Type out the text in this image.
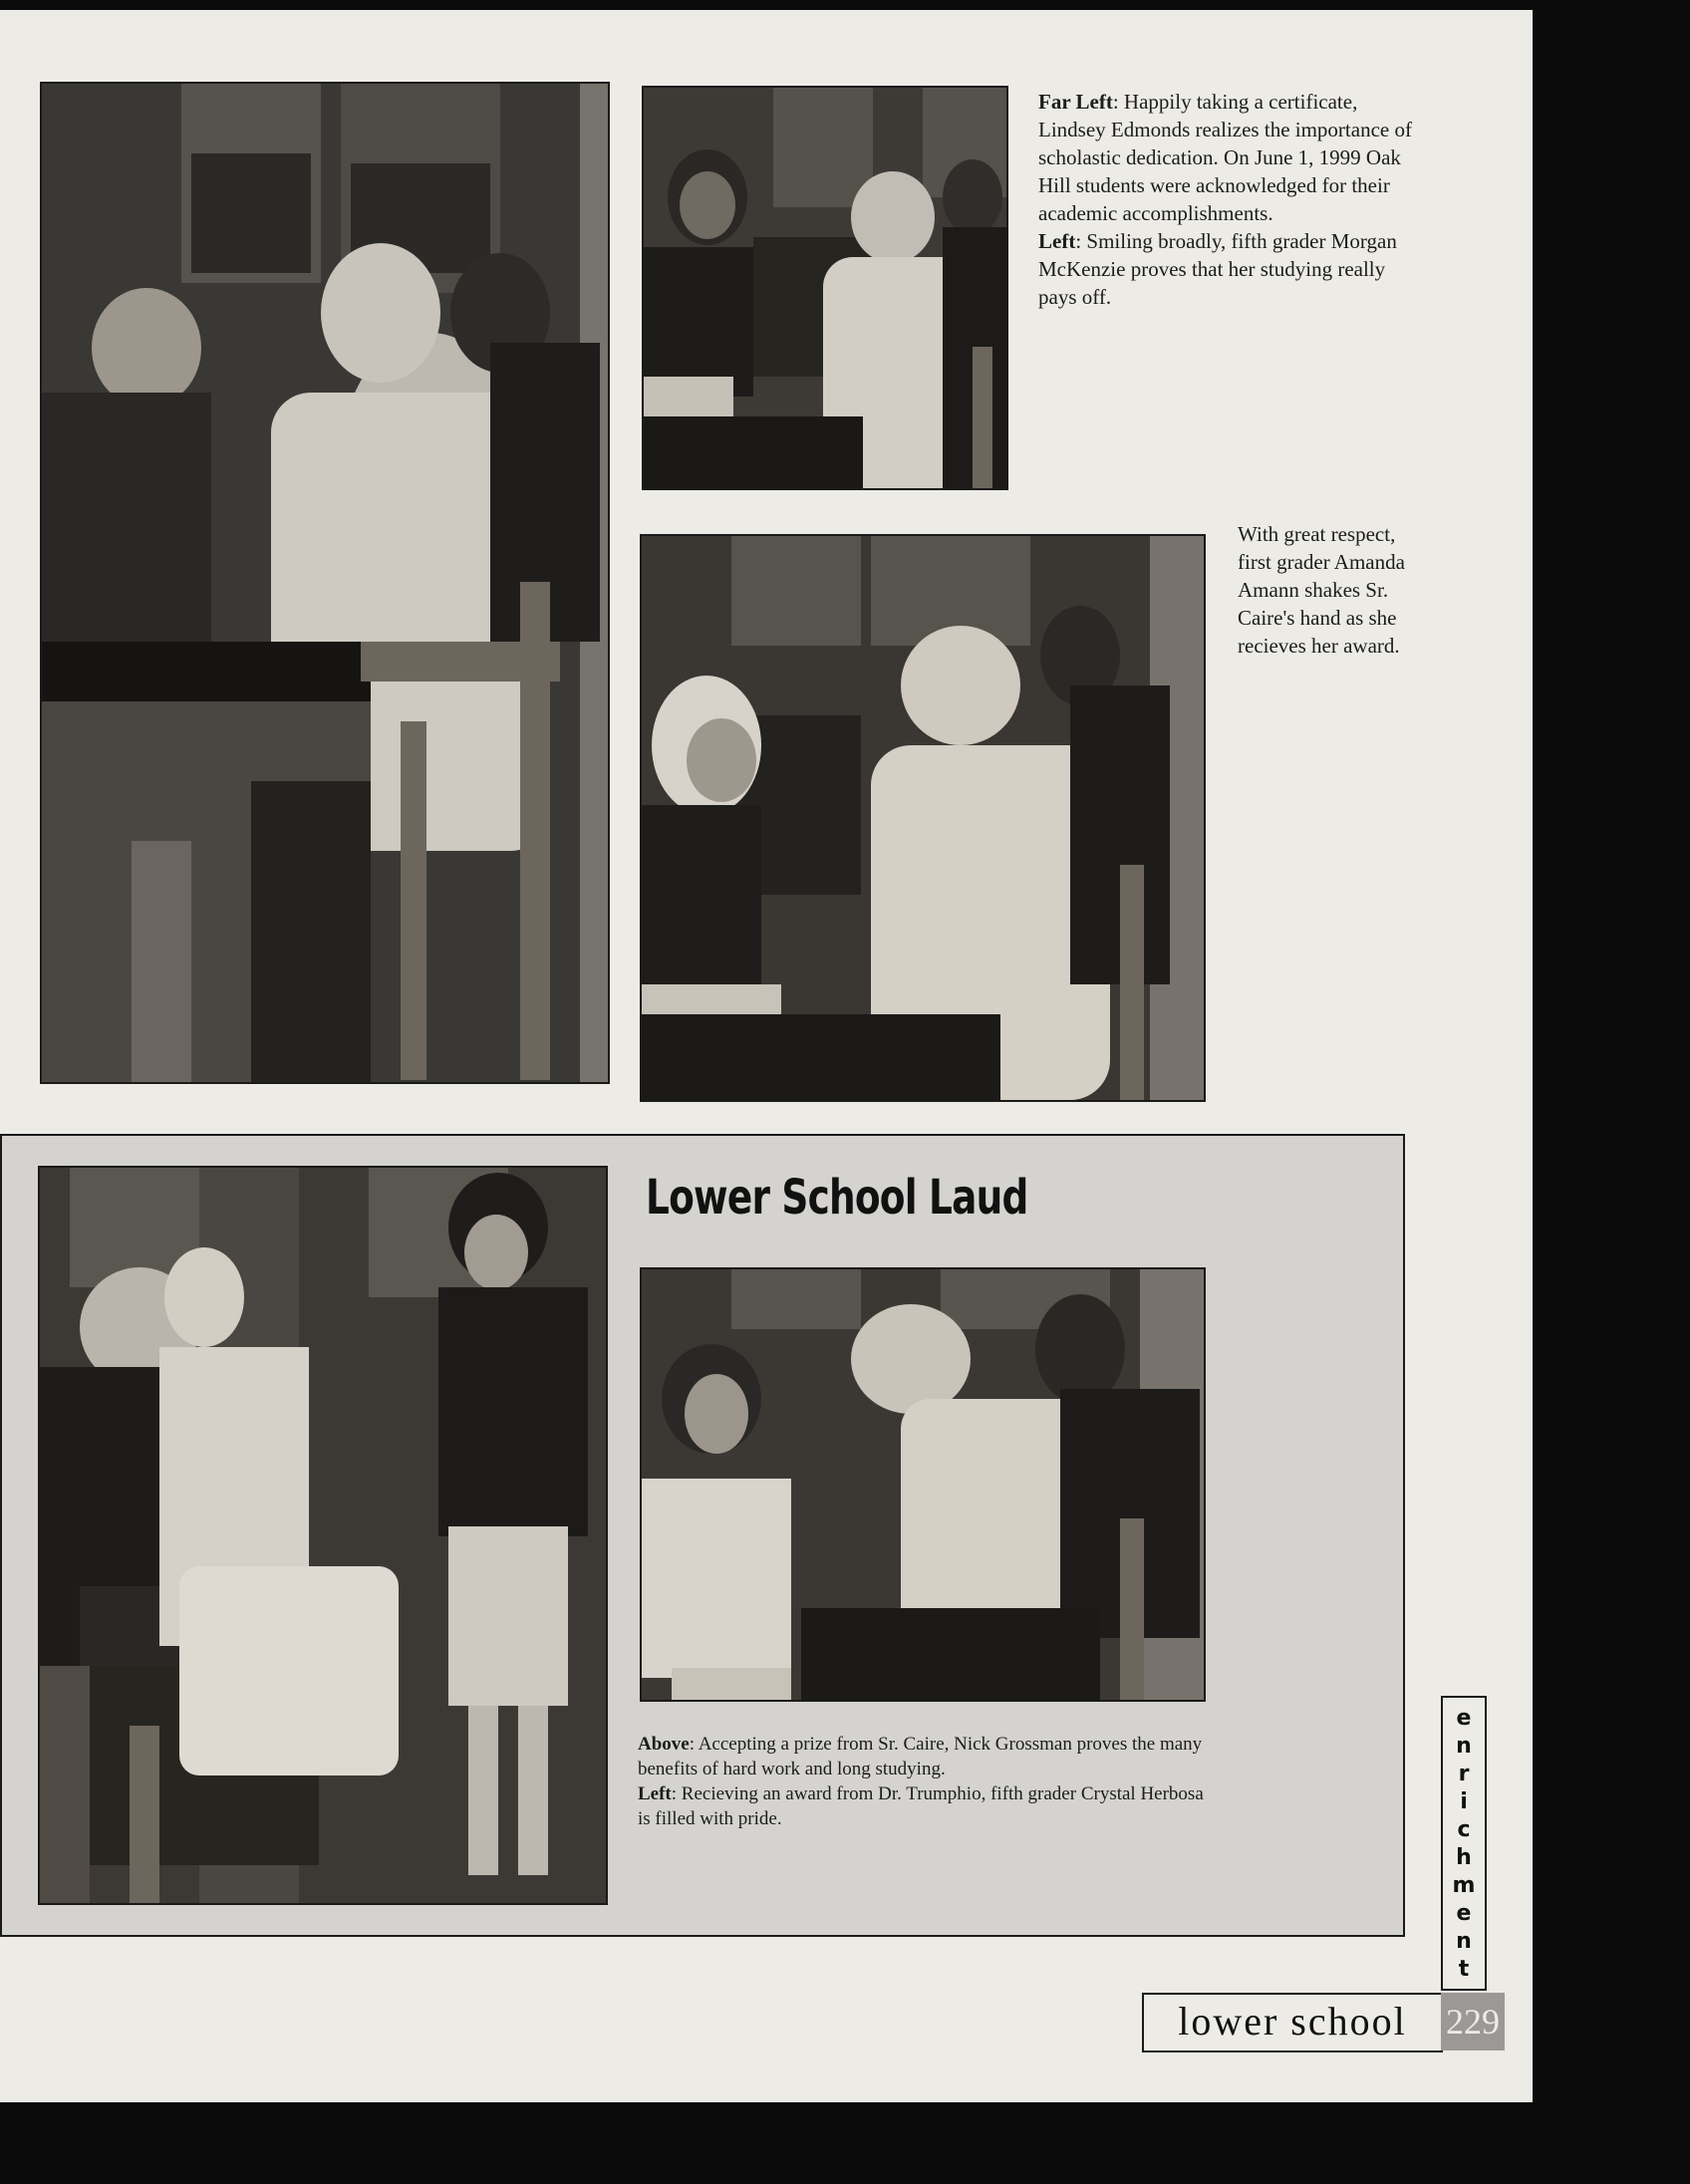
Far Left: Happily taking a certificate, Lindsey Edmonds realizes the importance of scholastic dedication. On June 1, 1999 Oak Hill students were acknowledged for their academic accomplishments.

Left: Smiling broadly, fifth grader Morgan McKenzie proves that her studying really pays off.

With great respect, first grader Amanda Amann shakes Sr. Caire's hand as she recieves her award.
Lower School Laud

Above: Accepting a prize from Sr. Caire, Nick Grossman proves the many benefits of hard work and long studying.

Left: Recieving an award from Dr. Trumphio, fifth grader Crystal Herbosa is filled with pride.

e
n
r
i
c
h
m
e
n
t
lower school	229
